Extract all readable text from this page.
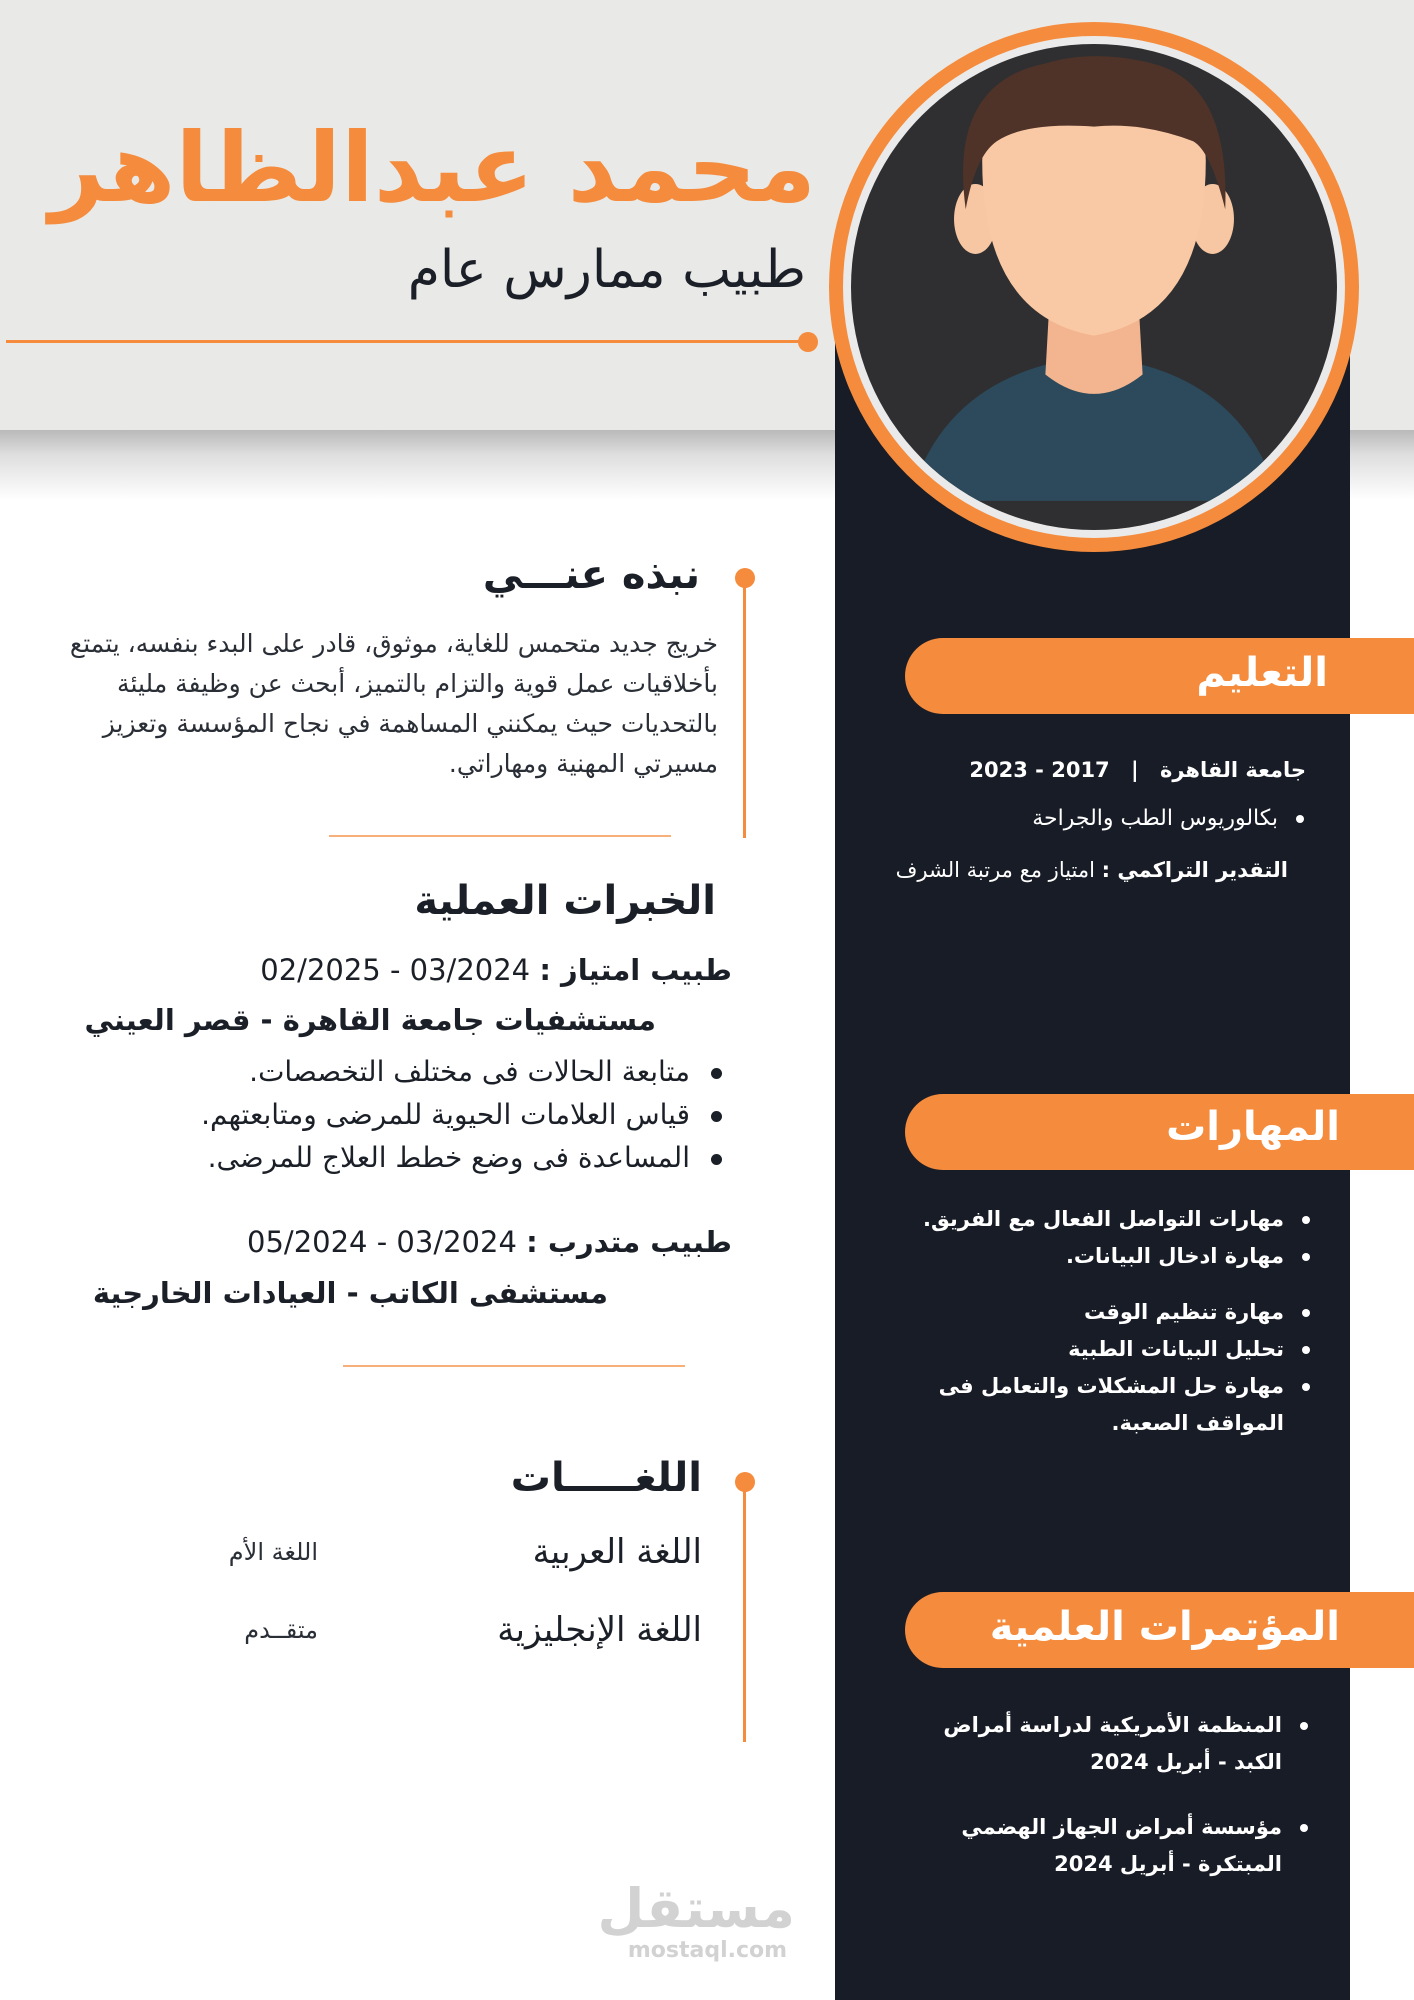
محمد عبدالظاهر
طبيب ممارس عام
نبذه عنـــي

خريج جديد متحمس للغاية، موثوق، قادر على البدء بنفسه، يتمتع بأخلاقيات عمل قوية والتزام بالتميز، أبحث عن وظيفة مليئة بالتحديات حيث يمكنني المساهمة في نجاح المؤسسة وتعزيز مسيرتي المهنية ومهاراتي.

الخبرات العملية
طبيب امتياز : 03/2024 - 02/2025
مستشفيات جامعة القاهرة - قصر العيني
متابعة الحالات فى مختلف التخصصات.
قياس العلامات الحيوية للمرضى ومتابعتهم.
المساعدة فى وضع خطط العلاج للمرضى.
طبيب متدرب : 03/2024 - 05/2024
مستشفى الكاتب - العيادات الخارجية
اللغـــــات
اللغة العربية
اللغة الأم
اللغة الإنجليزية
متقــدم
التعليم
جامعة القاهرة | 2017 - 2023
بكالوريوس الطب والجراحة
التقدير التراكمي : امتياز مع مرتبة الشرف
المهارات
مهارات التواصل الفعال مع الفريق.
مهارة ادخال البيانات.
مهارة تنظيم الوقت
تحليل البيانات الطبية
مهارة حل المشكلات والتعامل فى
المواقف الصعبة.
المؤتمرات العلمية
المنظمة الأمريكية لدراسة أمراض
الكبد - أبريل 2024
مؤسسة أمراض الجهاز الهضمي
المبتكرة - أبريل 2024
مستقل
mostaql.com
